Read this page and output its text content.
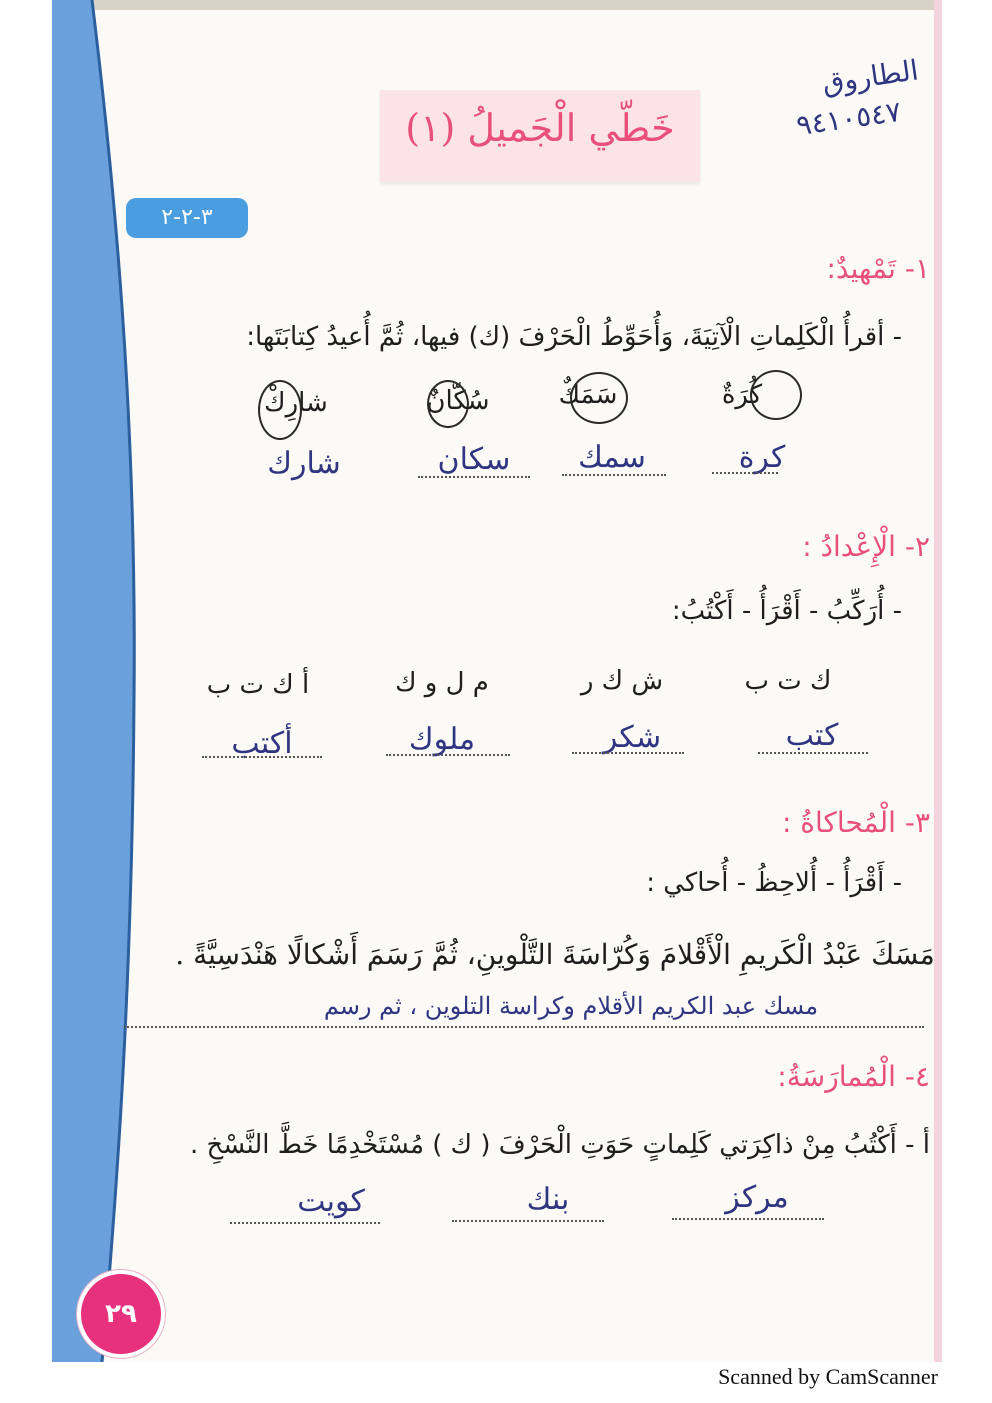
خَطّي الْجَميلُ (١)
الطاروق
٩٤١٠٥٤٧
٣-٢-٢
١- تَمْهيدٌ:
- أقرأُ الْكَلِماتِ الْآتِيَةَ، وَأُحَوِّطُ الْحَرْفَ (ك) فيها، ثُمَّ أُعيدُ كِتابَتَها:
كُرَةٌ
سَمَكٌ
سُكّانٌ
شارِكْ
كرة
سمك
سكان
شارك
٢- الْإِعْدادُ :
- أُرَكِّبُ - أَقْرَأُ - أَكْتُبُ:
ك ت ب
ش ك ر
م ل و ك
أ ك ت ب
كتب
شكر
ملوك
أكتب
٣- الْمُحاكاةُ :
- أَقْرَأُ - أُلاحِظُ - أُحاكي :
مَسَكَ عَبْدُ الْكَريمِ الْأَقْلامَ وَكُرّاسَةَ التَّلْوينِ، ثُمَّ رَسَمَ أَشْكالًا هَنْدَسِيَّةً .
مسك عبد الكريم الأقلام وكراسة التلوين ، ثم رسم
٤- الْمُمارَسَةُ:
أ - أَكْتُبُ مِنْ ذاكِرَتي كَلِماتٍ حَوَتِ الْحَرْفَ ( ك ) مُسْتَخْدِمًا خَطَّ النَّسْخِ .
مركز
بنك
كويت
٢٩
Scanned by CamScanner
